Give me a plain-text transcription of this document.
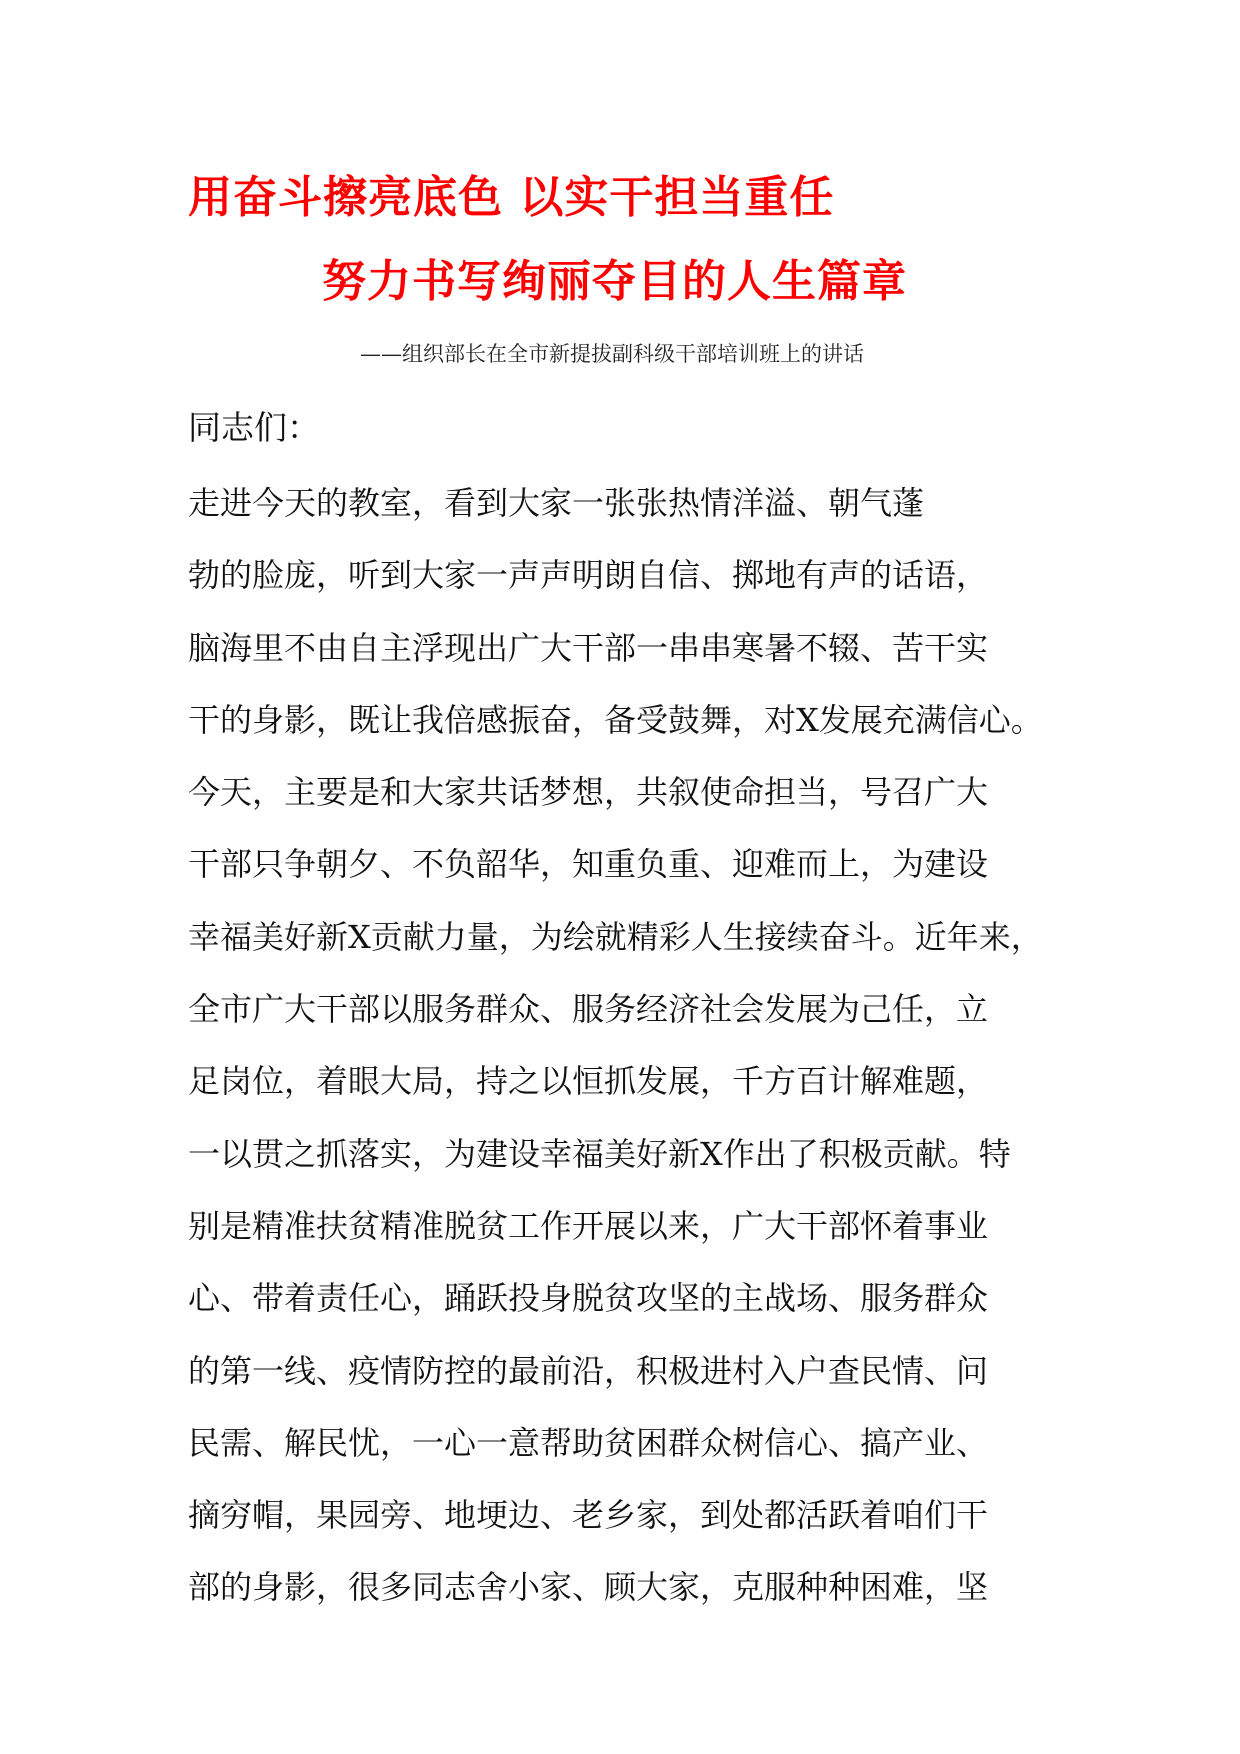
用奋斗擦亮底色 以实干担当重任
努力书写绚丽夺目的人生篇章

——组织部长在全市新提拔副科级干部培训班上的讲话

同志们：

走进今天的教室，看到大家一张张热情洋溢、朝气蓬
勃的脸庞，听到大家一声声明朗自信、掷地有声的话语，
脑海里不由自主浮现出广大干部一串串寒暑不辍、苦干实
干的身影，既让我倍感振奋，备受鼓舞，对X发展充满信心。
今天，主要是和大家共话梦想，共叙使命担当，号召广大
干部只争朝夕、不负韶华，知重负重、迎难而上，为建设
幸福美好新X贡献力量，为绘就精彩人生接续奋斗。近年来，
全市广大干部以服务群众、服务经济社会发展为己任，立
足岗位，着眼大局，持之以恒抓发展，千方百计解难题，
一以贯之抓落实，为建设幸福美好新X作出了积极贡献。特
别是精准扶贫精准脱贫工作开展以来，广大干部怀着事业
心、带着责任心，踊跃投身脱贫攻坚的主战场、服务群众
的第一线、疫情防控的最前沿，积极进村入户查民情、问
民需、解民忧，一心一意帮助贫困群众树信心、搞产业、
摘穷帽，果园旁、地埂边、老乡家，到处都活跃着咱们干
部的身影，很多同志舍小家、顾大家，克服种种困难，坚
